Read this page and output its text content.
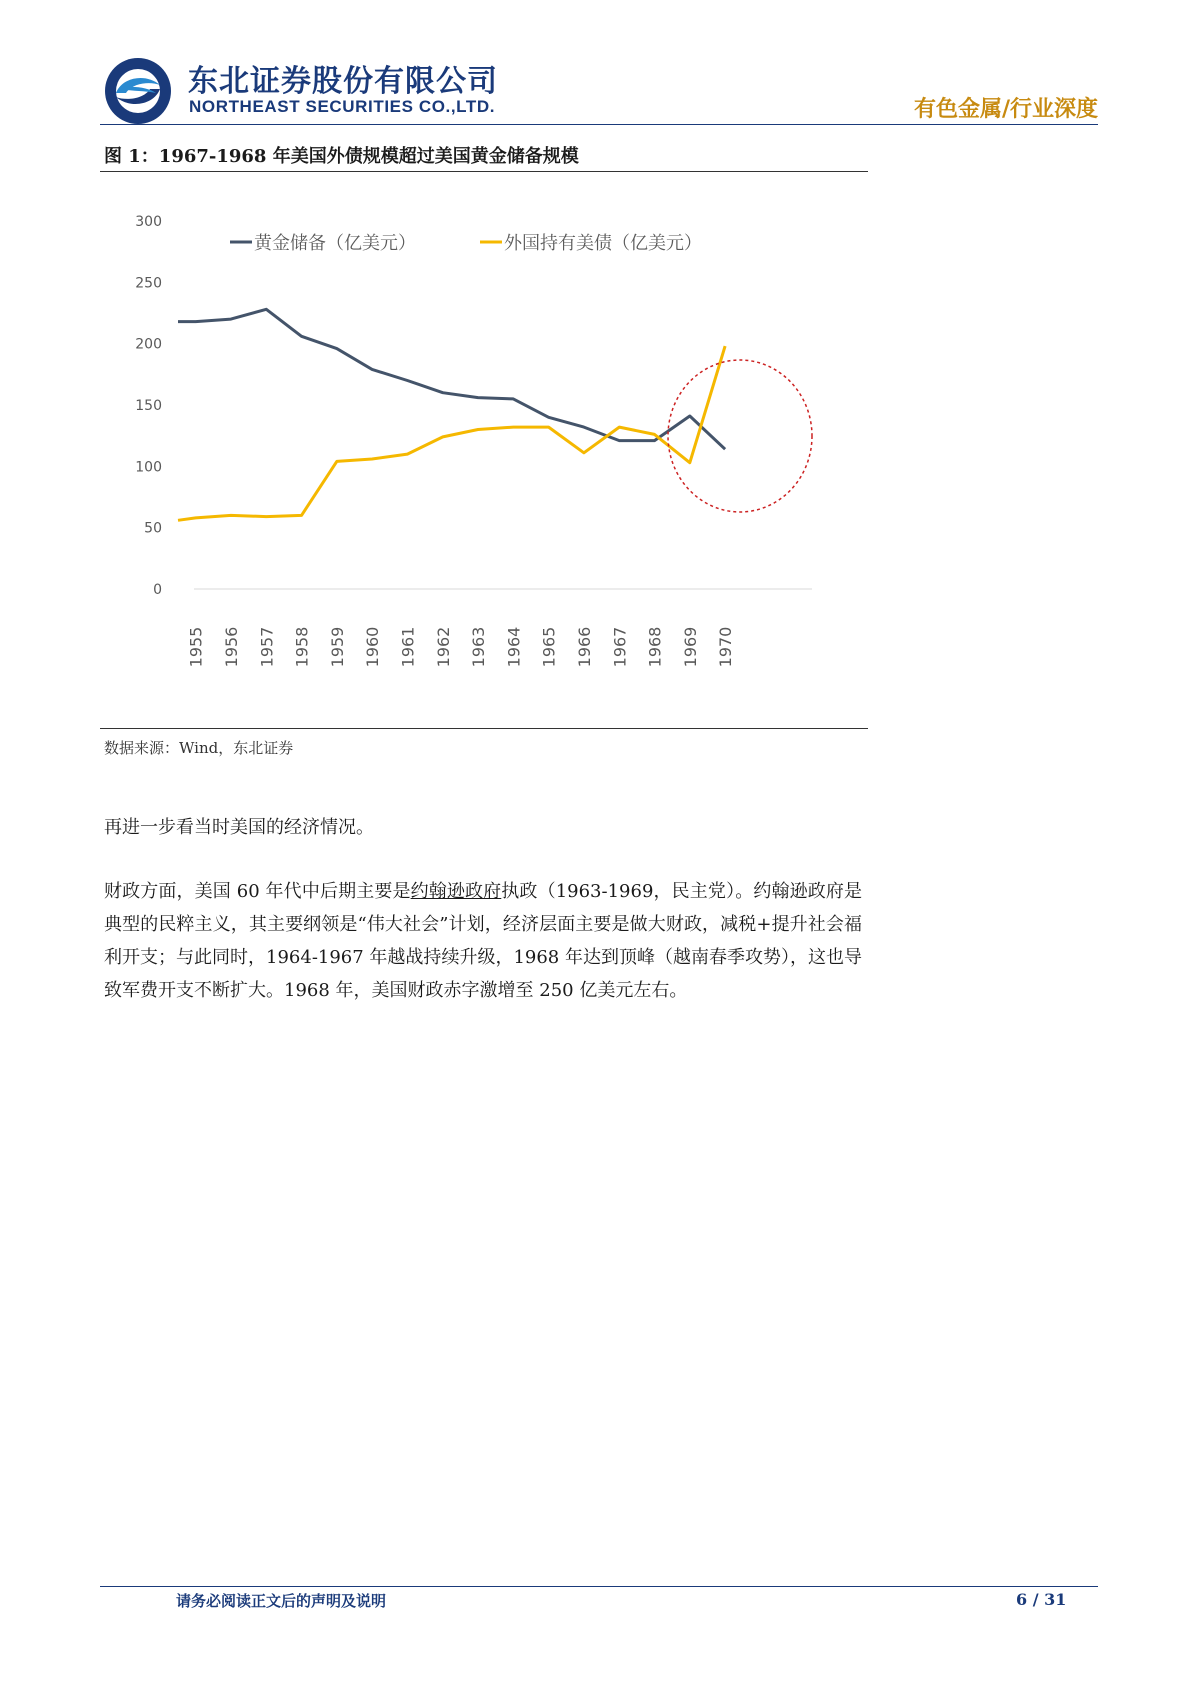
东北证券股份有限公司
NORTHEAST SECURITIES CO.,LTD.	有色金属/行业深度
图 1：1967-1968 年美国外债规模超过美国黄金储备规模
0
50
100
150
200
250
300
1955 1956 1957 1958 1959 1960 1961 1962 1963 1964 1965 1966 1967 1968 1969 1970
黄金储备（亿美元）	外国持有美债（亿美元）
数据来源：Wind，东北证券
再进一步看当时美国的经济情况。
财政方面，美国 60 年代中后期主要是约翰逊政府执政（1963-1969，民主党）。约翰逊政府是典型的民粹主义，其主要纲领是“伟大社会”计划，经济层面主要是做大财政，减税+提升社会福利开支；与此同时，1964-1967 年越战持续升级，1968 年达到顶峰（越南春季攻势），这也导致军费开支不断扩大。1968 年，美国财政赤字激增至 250 亿美元左右。
请务必阅读正文后的声明及说明	6 / 31
